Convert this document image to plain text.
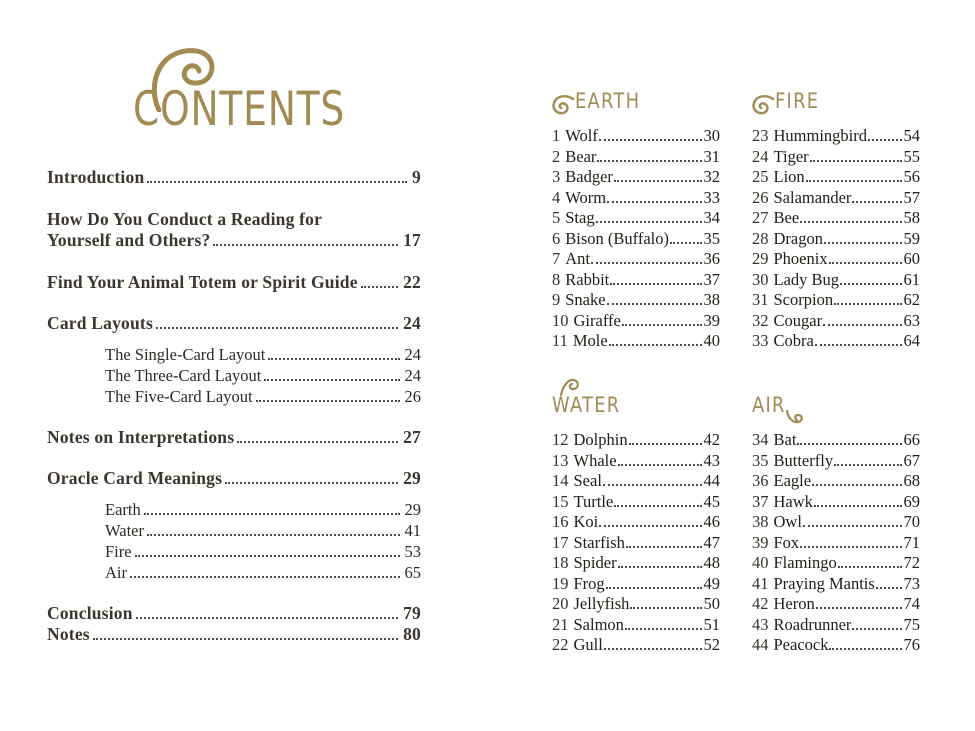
CONTENTS
Introduction	9
How Do You Conduct a Reading for
Yourself and Others?	17
Find Your Animal Totem or Spirit Guide	22
Card Layouts	24
The Single-Card Layout	24
The Three-Card Layout	24
The Five-Card Layout	26
Notes on Interpretations	27
Oracle Card Meanings	29
Earth	29
Water	41
Fire	53
Air	65
Conclusion	79
Notes	80
EARTH
1 Wolf	30
2 Bear	31
3 Badger	32
4 Worm	33
5 Stag	34
6 Bison (Buffalo) 35
7 Ant	36
8 Rabbit	37
9 Snake	38
10 Giraffe	39
11 Mole	40
FIRE
23 Hummingbird 54
24 Tiger	55
25 Lion	56
26 Salamander	57
27 Bee	58
28 Dragon	59
29 Phoenix	60
30 Lady Bug	61
31 Scorpion	62
32 Cougar	63
33 Cobra	64
WATER
12 Dolphin	42
13 Whale	43
14 Seal	44
15 Turtle	45
16 Koi	46
17 Starfish	47
18 Spider	48
19 Frog	49
20 Jellyfish	50
21 Salmon	51
22 Gull	52
AIR
34 Bat	66
35 Butterfly	67
36 Eagle	68
37 Hawk	69
38 Owl	70
39 Fox	71
40 Flamingo	72
41 Praying Mantis 73
42 Heron	74
43 Roadrunner	75
44 Peacock	76
